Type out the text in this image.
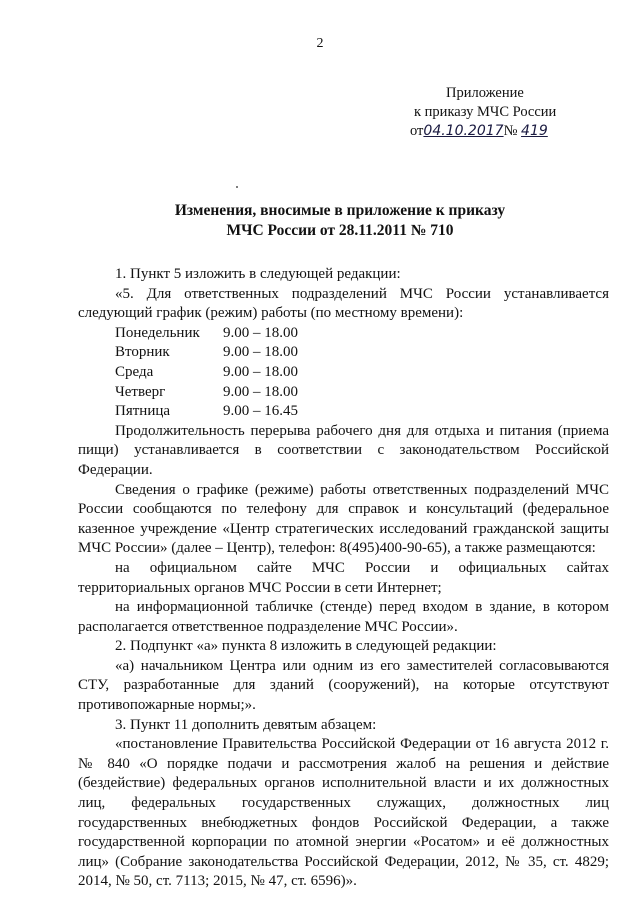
2
Приложение
к приказу МЧС России
от04.10.2017№ 419
Изменения, вносимые в приложение к приказу
МЧС России от 28.11.2011 № 710

1. Пункт 5 изложить в следующей редакции:

«5. Для ответственных подразделений МЧС России устанавливается следующий график (режим) работы (по местному времени):

Понедельник	9.00 – 18.00
Вторник	9.00 – 18.00
Среда	9.00 – 18.00
Четверг	9.00 – 18.00
Пятница	9.00 – 16.45

Продолжительность перерыва рабочего дня для отдыха и питания (приема пищи) устанавливается в соответствии с законодательством Российской Федерации.

Сведения о графике (режиме) работы ответственных подразделений МЧС России сообщаются по телефону для справок и консультаций (федеральное казенное учреждение «Центр стратегических исследований гражданской защиты МЧС России» (далее – Центр), телефон: 8(495)400-90-65), а также размещаются:

на официальном сайте МЧС России и официальных сайтах территориальных органов МЧС России в сети Интернет;

на информационной табличке (стенде) перед входом в здание, в котором располагается ответственное подразделение МЧС России».

2. Подпункт «а» пункта 8 изложить в следующей редакции:

«а) начальником Центра или одним из его заместителей согласовываются СТУ, разработанные для зданий (сооружений), на которые отсутствуют противопожарные нормы;».

3. Пункт 11 дополнить девятым абзацем:

«постановление Правительства Российской Федерации от 16 августа 2012 г. № 840 «О порядке подачи и рассмотрения жалоб на решения и действие (бездействие) федеральных органов исполнительной власти и их должностных лиц, федеральных государственных служащих, должностных лиц государственных внебюджетных фондов Российской Федерации, а также государственной корпорации по атомной энергии «Росатом» и её должностных лиц» (Собрание законодательства Российской Федерации, 2012, № 35, ст. 4829; 2014, № 50, ст. 7113; 2015, № 47, ст. 6596)».
